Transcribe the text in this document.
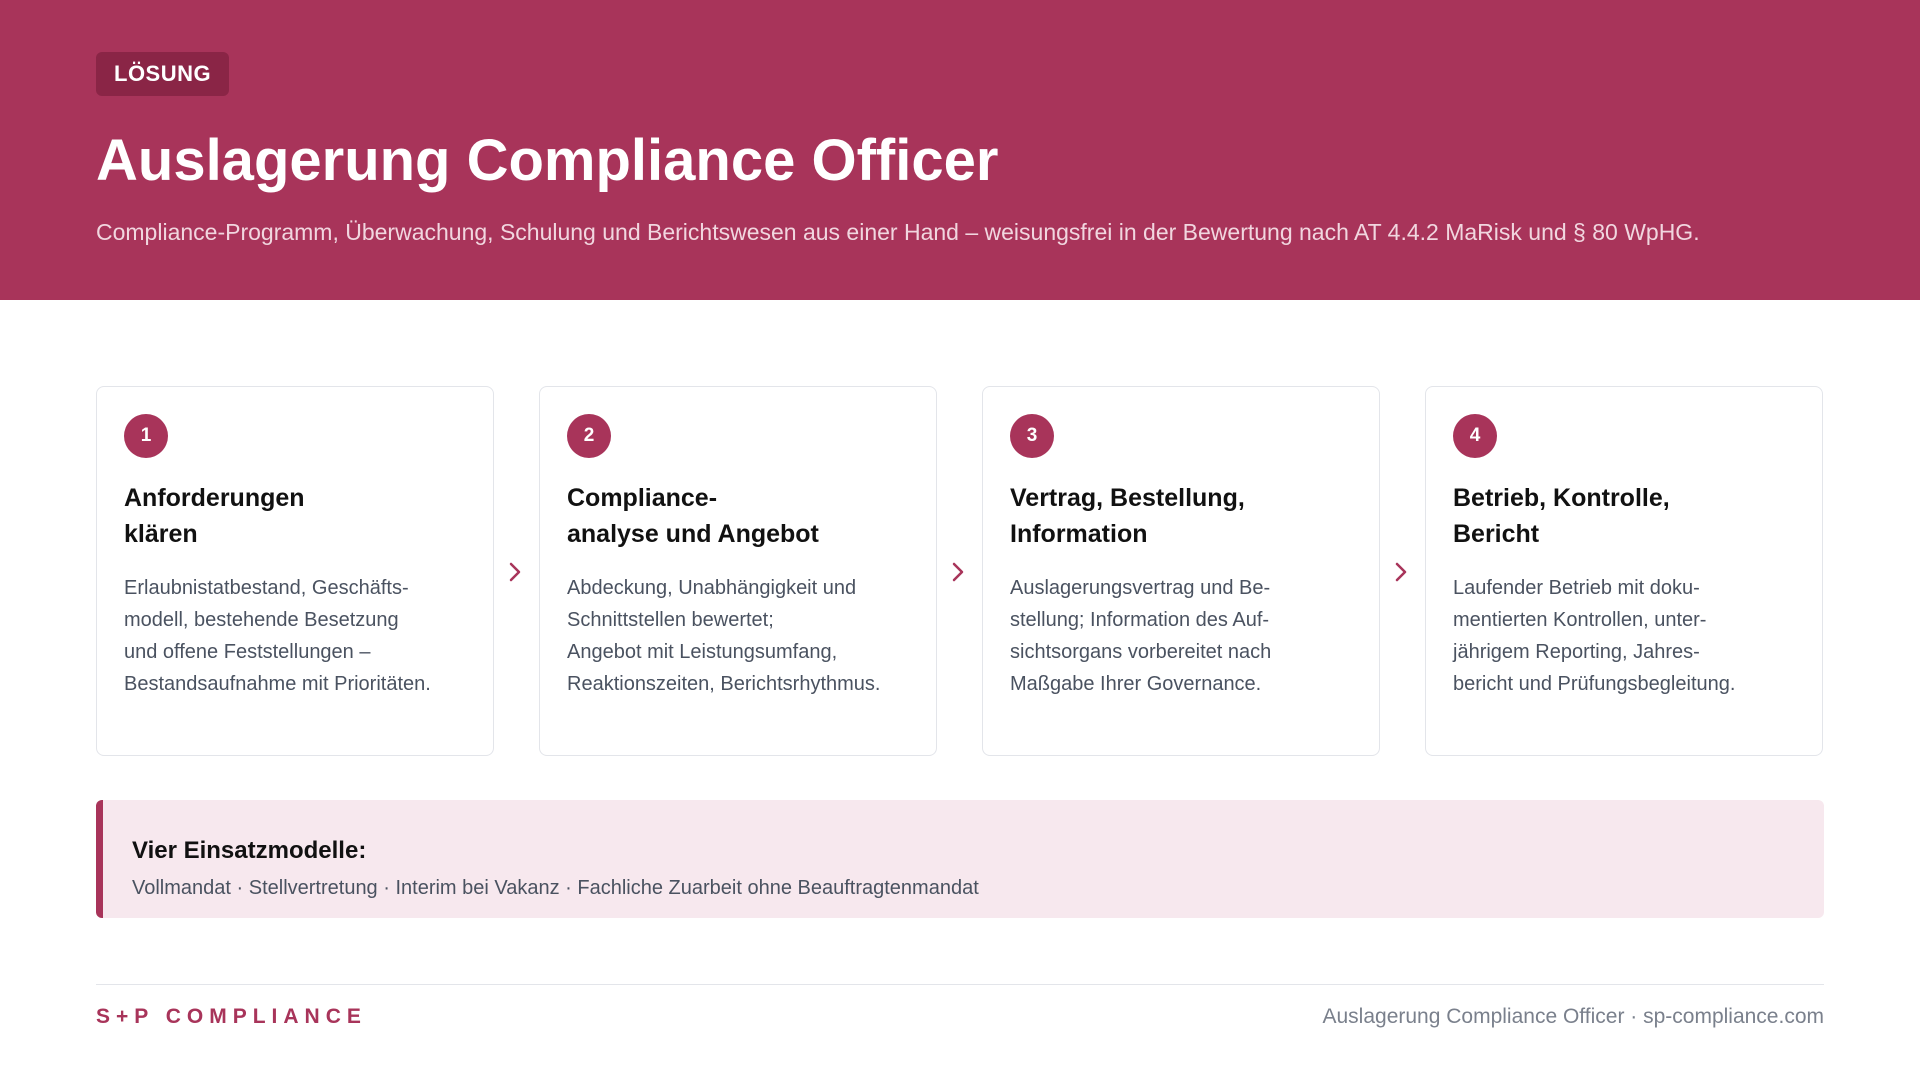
LÖSUNG
Auslagerung Compliance Officer

Compliance-Programm, Überwachung, Schulung und Berichtswesen aus einer Hand – weisungsfrei in der Bewertung nach AT 4.4.2 MaRisk und § 80 WpHG.

1
Anforderungen
klären

Erlaubnistatbestand, Geschäfts-
modell, bestehende Besetzung
und offene Feststellungen –
Bestandsaufnahme mit Prioritäten.

2
Compliance-
analyse und Angebot

Abdeckung, Unabhängigkeit und
Schnittstellen bewertet;
Angebot mit Leistungsumfang,
Reaktionszeiten, Berichtsrhythmus.

3
Vertrag, Bestellung,
Information

Auslagerungsvertrag und Be-
stellung; Information des Auf-
sichtsorgans vorbereitet nach
Maßgabe Ihrer Governance.

4
Betrieb, Kontrolle,
Bericht

Laufender Betrieb mit doku-
mentierten Kontrollen, unter-
jährigem Reporting, Jahres-
bericht und Prüfungsbegleitung.

Vier Einsatzmodelle:

Vollmandat · Stellvertretung · Interim bei Vakanz · Fachliche Zuarbeit ohne Beauftragtenmandat

S+P COMPLIANCE	Auslagerung Compliance Officer · sp-compliance.com
